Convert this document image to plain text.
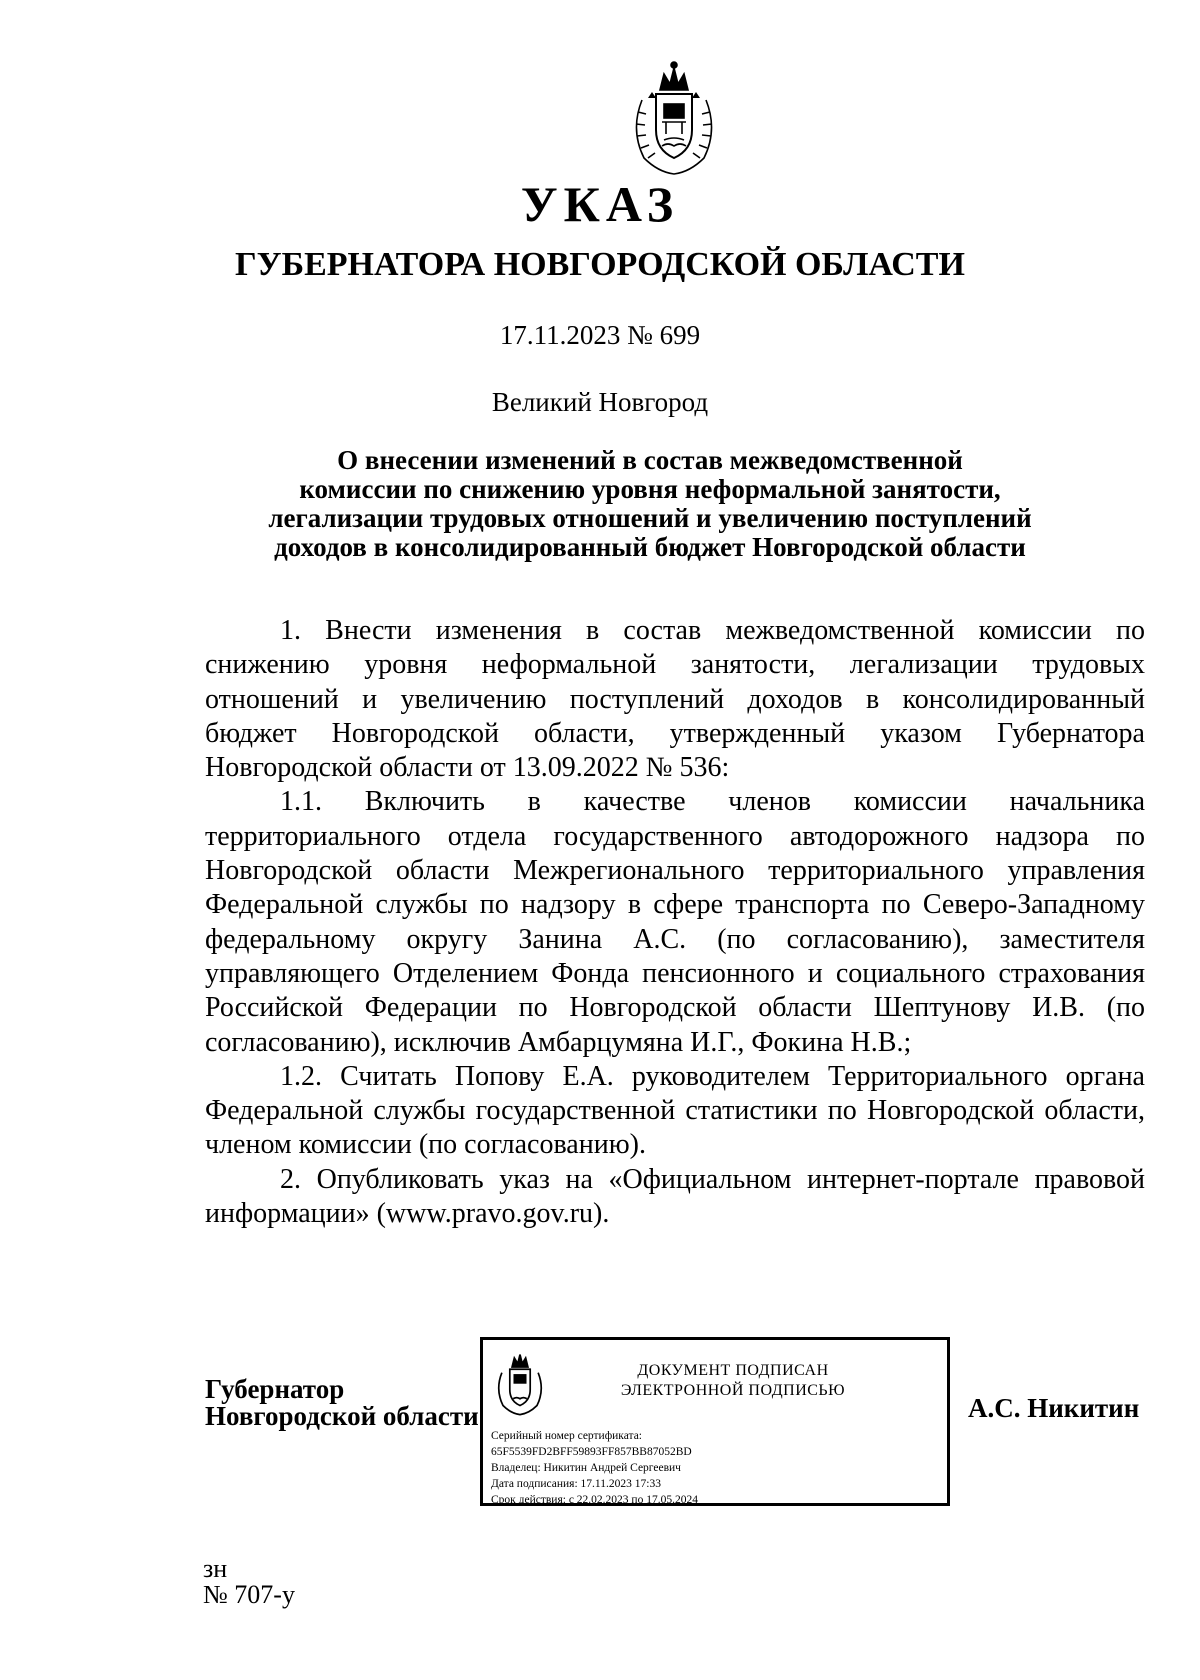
УКАЗ
ГУБЕРНАТОРА НОВГОРОДСКОЙ ОБЛАСТИ
17.11.2023 № 699
Великий Новгород
О внесении изменений в состав межведомственной
комиссии по снижению уровня неформальной занятости,
легализации трудовых отношений и увеличению поступлений
доходов в консолидированный бюджет Новгородской области

1. Внести изменения в состав межведомственной комиссии по снижению уровня неформальной занятости, легализации трудовых отношений и увеличению поступлений доходов в консолидированный бюджет Новгородской области, утвержденный указом Губернатора Новгородской области от 13.09.2022 № 536:

1.1. Включить в качестве членов комиссии начальника территориального отдела государственного автодорожного надзора по Новгородской области Межрегионального территориального управления Федеральной службы по надзору в сфере транспорта по Северо-Западному федеральному округу Занина А.С. (по согласованию), заместителя управляющего Отделением Фонда пенсионного и социального страхования Российской Федерации по Новгородской области Шептунову И.В. (по согласованию), исключив Амбарцумяна И.Г., Фокина Н.В.;

1.2. Считать Попову Е.А. руководителем Территориального органа Федеральной службы государственной статистики по Новгородской области, членом комиссии (по согласованию).

2. Опубликовать указ на «Официальном интернет-портале правовой информации» (www.pravo.gov.ru).

Губернатор
Новгородской области
ДОКУМЕНТ ПОДПИСАН
ЭЛЕКТРОННОЙ ПОДПИСЬЮ
Серийный номер сертификата:
65F5539FD2BFF59893FF857BB87052BD
Владелец: Никитин Андрей Сергеевич
Дата подписания: 17.11.2023 17:33
Срок действия: с 22.02.2023 по 17.05.2024
А.С. Никитин
зн
№ 707-у
